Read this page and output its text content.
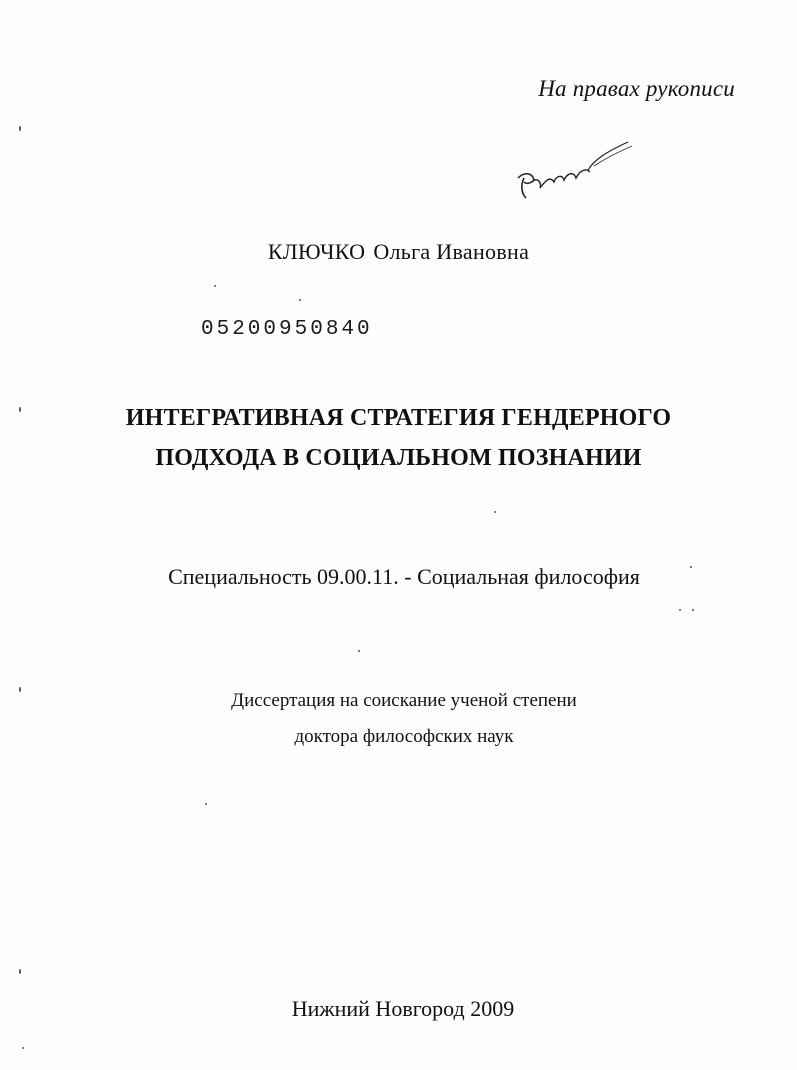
На правах рукописи
КЛЮЧКО Ольга Ивановна
05200950840
ИНТЕГРАТИВНАЯ СТРАТЕГИЯ ГЕНДЕРНОГО
ПОДХОДА В СОЦИАЛЬНОМ ПОЗНАНИИ
Специальность 09.00.11. - Социальная философия
Диссертация на соискание ученой степени
доктора философских наук
Нижний Новгород 2009
